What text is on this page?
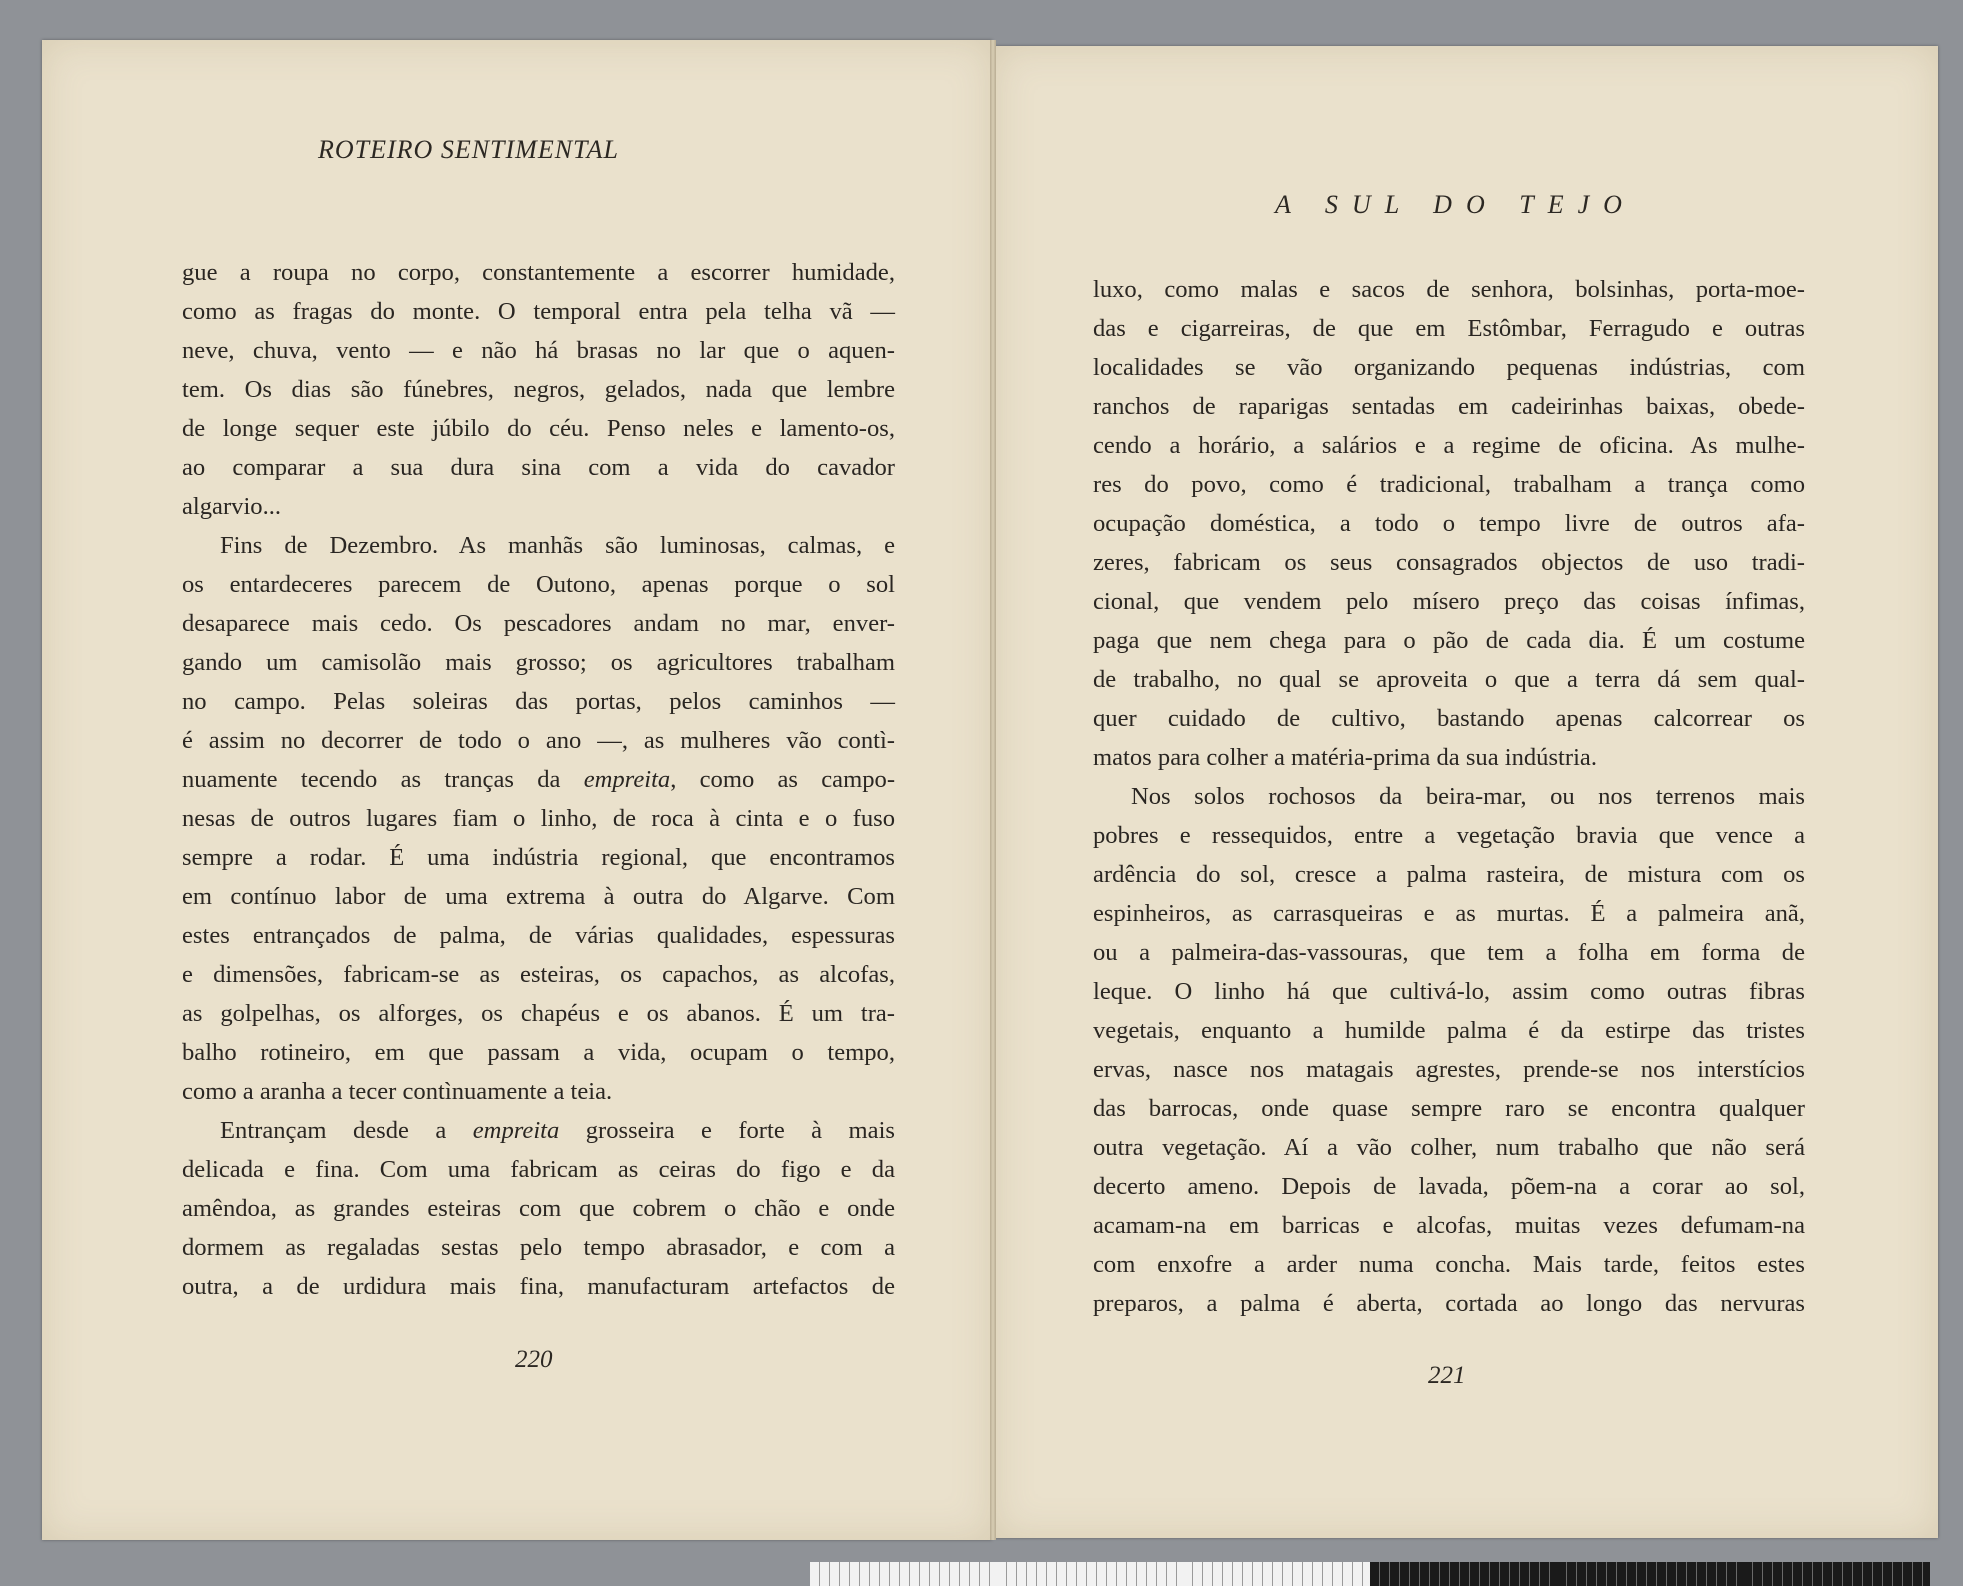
ROTEIRO SENTIMENTAL
A SUL DO TEJO
gue a roupa no corpo, constantemente a escorrer humidade,
como as fragas do monte. O temporal entra pela telha vã —
neve, chuva, vento — e não há brasas no lar que o aquen-
tem. Os dias são fúnebres, negros, gelados, nada que lembre
de longe sequer este júbilo do céu. Penso neles e lamento-os,
ao comparar a sua dura sina com a vida do cavador
algarvio...
Fins de Dezembro. As manhãs são luminosas, calmas, e
os entardeceres parecem de Outono, apenas porque o sol
desaparece mais cedo. Os pescadores andam no mar, enver-
gando um camisolão mais grosso; os agricultores trabalham
no campo. Pelas soleiras das portas, pelos caminhos —
é assim no decorrer de todo o ano —, as mulheres vão contì-
nuamente tecendo as tranças da empreita, como as campo-
nesas de outros lugares fiam o linho, de roca à cinta e o fuso
sempre a rodar. É uma indústria regional, que encontramos
em contínuo labor de uma extrema à outra do Algarve. Com
estes entrançados de palma, de várias qualidades, espessuras
e dimensões, fabricam-se as esteiras, os capachos, as alcofas,
as golpelhas, os alforges, os chapéus e os abanos. É um tra-
balho rotineiro, em que passam a vida, ocupam o tempo,
como a aranha a tecer contìnuamente a teia.
Entrançam desde a empreita grosseira e forte à mais
delicada e fina. Com uma fabricam as ceiras do figo e da
amêndoa, as grandes esteiras com que cobrem o chão e onde
dormem as regaladas sestas pelo tempo abrasador, e com a
outra, a de urdidura mais fina, manufacturam artefactos de
luxo, como malas e sacos de senhora, bolsinhas, porta-moe-
das e cigarreiras, de que em Estômbar, Ferragudo e outras
localidades se vão organizando pequenas indústrias, com
ranchos de raparigas sentadas em cadeirinhas baixas, obede-
cendo a horário, a salários e a regime de oficina. As mulhe-
res do povo, como é tradicional, trabalham a trança como
ocupação doméstica, a todo o tempo livre de outros afa-
zeres, fabricam os seus consagrados objectos de uso tradi-
cional, que vendem pelo mísero preço das coisas ínfimas,
paga que nem chega para o pão de cada dia. É um costume
de trabalho, no qual se aproveita o que a terra dá sem qual-
quer cuidado de cultivo, bastando apenas calcorrear os
matos para colher a matéria-prima da sua indústria.
Nos solos rochosos da beira-mar, ou nos terrenos mais
pobres e ressequidos, entre a vegetação bravia que vence a
ardência do sol, cresce a palma rasteira, de mistura com os
espinheiros, as carrasqueiras e as murtas. É a palmeira anã,
ou a palmeira-das-vassouras, que tem a folha em forma de
leque. O linho há que cultivá-lo, assim como outras fibras
vegetais, enquanto a humilde palma é da estirpe das tristes
ervas, nasce nos matagais agrestes, prende-se nos interstícios
das barrocas, onde quase sempre raro se encontra qualquer
outra vegetação. Aí a vão colher, num trabalho que não será
decerto ameno. Depois de lavada, põem-na a corar ao sol,
acamam-na em barricas e alcofas, muitas vezes defumam-na
com enxofre a arder numa concha. Mais tarde, feitos estes
preparos, a palma é aberta, cortada ao longo das nervuras
220
221
